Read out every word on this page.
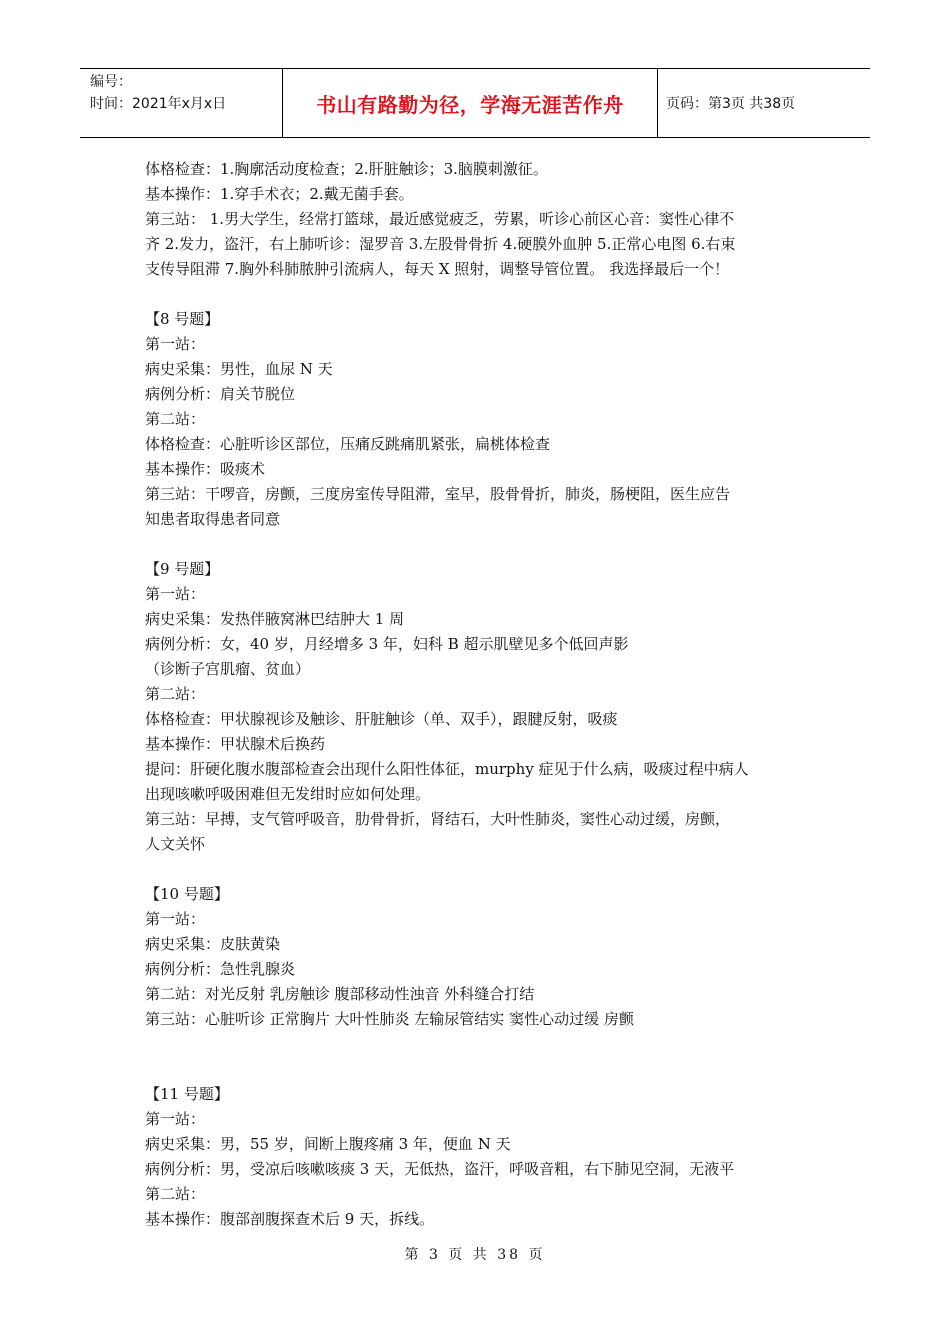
编号：
时间：2021年x月x日	书山有路勤为径，学海无涯苦作舟	页码：第3页 共38页
体格检查：1.胸廓活动度检查；2.肝脏触诊；3.脑膜刺激征。
基本操作：1.穿手术衣；2.戴无菌手套。
第三站： 1.男大学生，经常打篮球，最近感觉疲乏，劳累，听诊心前区心音：窦性心律不
齐 2.发力，盗汗，右上肺听诊：湿罗音 3.左股骨骨折 4.硬膜外血肿 5.正常心电图 6.右束
支传导阻滞 7.胸外科肺脓肿引流病人，每天 X 照射，调整导管位置。 我选择最后一个！
【8 号题】
第一站：
病史采集：男性，血尿 N 天
病例分析：肩关节脱位
第二站：
体格检查：心脏听诊区部位，压痛反跳痛肌紧张，扁桃体检查
基本操作：吸痰术
第三站：干啰音，房颤，三度房室传导阻滞，室早，股骨骨折，肺炎，肠梗阻，医生应告
知患者取得患者同意
【9 号题】
第一站：
病史采集：发热伴腋窝淋巴结肿大 1 周
病例分析：女，40 岁，月经增多 3 年，妇科 B 超示肌壁见多个低回声影
（诊断子宫肌瘤、贫血）
第二站：
体格检查：甲状腺视诊及触诊、肝脏触诊（单、双手），跟腱反射，吸痰
基本操作：甲状腺术后换药
提问：肝硬化腹水腹部检查会出现什么阳性体征，murphy 症见于什么病，吸痰过程中病人
出现咳嗽呼吸困难但无发绀时应如何处理。
第三站：早搏，支气管呼吸音，肋骨骨折，肾结石，大叶性肺炎，窦性心动过缓，房颤，
人文关怀
【10 号题】
第一站：
病史采集：皮肤黄染
病例分析：急性乳腺炎
第二站：对光反射 乳房触诊 腹部移动性浊音 外科缝合打结
第三站：心脏听诊 正常胸片 大叶性肺炎 左输尿管结实 窦性心动过缓 房颤
【11 号题】
第一站：
病史采集：男，55 岁，间断上腹疼痛 3 年，便血 N 天
病例分析：男，受凉后咳嗽咳痰 3 天，无低热，盗汗，呼吸音粗，右下肺见空洞，无液平
第二站：
基本操作：腹部剖腹探查术后 9 天，拆线。
第 3 页 共 38 页
